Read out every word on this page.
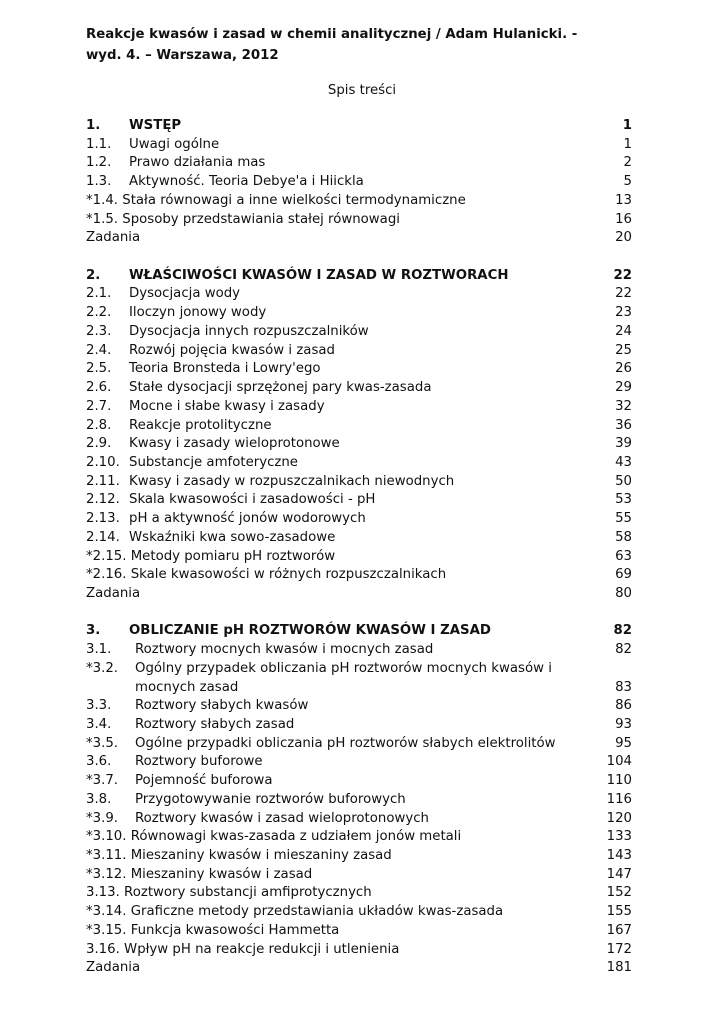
Reakcje kwasów i zasad w chemii analitycznej / Adam Hulanicki. -
wyd. 4. – Warszawa, 2012
Spis treści
1. WSTĘP	1
1.1. Uwagi ogólne	1
1.2. Prawo działania mas	2
1.3. Aktywność. Teoria Debye'a i Hiickla	5
*1.4. Stała równowagi a inne wielkości termodynamiczne	13
*1.5. Sposoby przedstawiania stałej równowagi	16
Zadania	20
2. WŁAŚCIWOŚCI KWASÓW I ZASAD W ROZTWORACH	22
2.1. Dysocjacja wody	22
2.2. Iloczyn jonowy wody	23
2.3. Dysocjacja innych rozpuszczalników	24
2.4. Rozwój pojęcia kwasów i zasad	25
2.5. Teoria Bronsteda i Lowry'ego	26
2.6. Stałe dysocjacji sprzężonej pary kwas-zasada	29
2.7. Mocne i słabe kwasy i zasady	32
2.8. Reakcje protolityczne	36
2.9. Kwasy i zasady wieloprotonowe	39
2.10. Substancje amfoteryczne	43
2.11. Kwasy i zasady w rozpuszczalnikach niewodnych	50
2.12. Skala kwasowości i zasadowości - pH	53
2.13. pH a aktywność jonów wodorowych	55
2.14. Wskaźniki kwa sowo-zasadowe	58
*2.15. Metody pomiaru pH roztworów	63
*2.16. Skale kwasowości w różnych rozpuszczalnikach	69
Zadania	80
3. OBLICZANIE pH ROZTWORÓW KWASÓW I ZASAD	82
3.1. Roztwory mocnych kwasów i mocnych zasad	82
*3.2. Ogólny przypadek obliczania pH roztworów mocnych kwasów i
mocnych zasad	83
3.3. Roztwory słabych kwasów	86
3.4. Roztwory słabych zasad	93
*3.5. Ogólne przypadki obliczania pH roztworów słabych elektrolitów	95
3.6. Roztwory buforowe	104
*3.7. Pojemność buforowa	110
3.8. Przygotowywanie roztworów buforowych	116
*3.9. Roztwory kwasów i zasad wieloprotonowych	120
*3.10. Równowagi kwas-zasada z udziałem jonów metali	133
*3.11. Mieszaniny kwasów i mieszaniny zasad	143
*3.12. Mieszaniny kwasów i zasad	147
3.13. Roztwory substancji amfiprotycznych	152
*3.14. Graficzne metody przedstawiania układów kwas-zasada	155
*3.15. Funkcja kwasowości Hammetta	167
3.16. Wpływ pH na reakcje redukcji i utlenienia	172
Zadania	181
